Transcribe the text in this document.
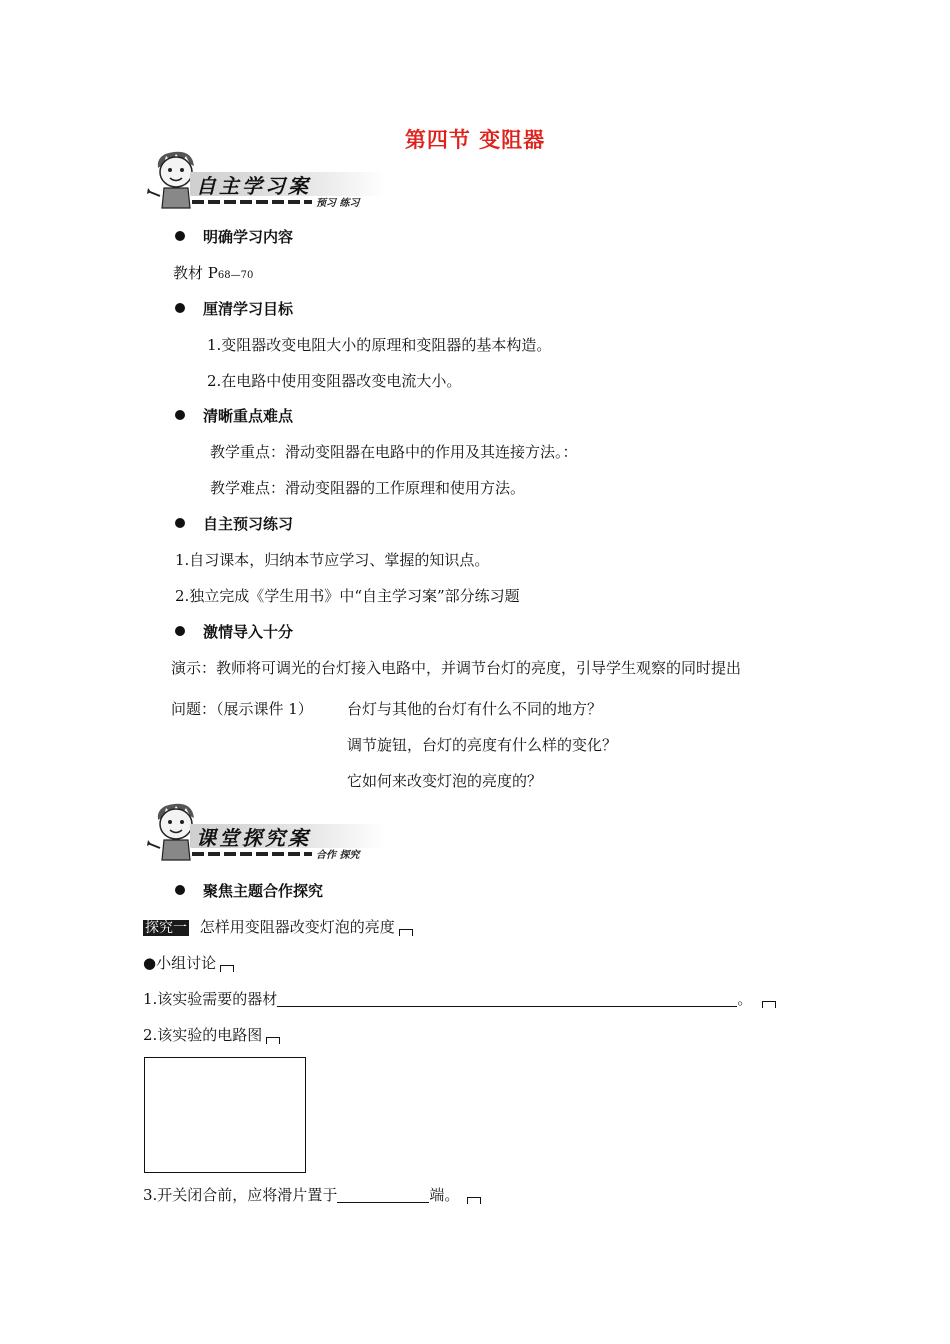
第四节 变阻器
自主学习案
预习 练习
明确学习内容
教材 P68—70
厘清学习目标
1.变阻器改变电阻大小的原理和变阻器的基本构造。
2.在电路中使用变阻器改变电流大小。
清晰重点难点
教学重点：滑动变阻器在电路中的作用及其连接方法。：
教学难点：滑动变阻器的工作原理和使用方法。
自主预习练习
1.自习课本，归纳本节应学习、掌握的知识点。
2.独立完成《学生用书》中“自主学习案”部分练习题
激情导入十分
演示：教师将可调光的台灯接入电路中，并调节台灯的亮度，引导学生观察的同时提出
问题：（展示课件 1） 台灯与其他的台灯有什么不同的地方？
调节旋钮，台灯的亮度有什么样的变化？
它如何来改变灯泡的亮度的？
课堂探究案
合作 探究
聚焦主题合作探究
探究一 怎样用变阻器改变灯泡的亮度
●小组讨论
1.该实验需要的器材	。
2.该实验的电路图
3.开关闭合前，应将滑片置于	端。
